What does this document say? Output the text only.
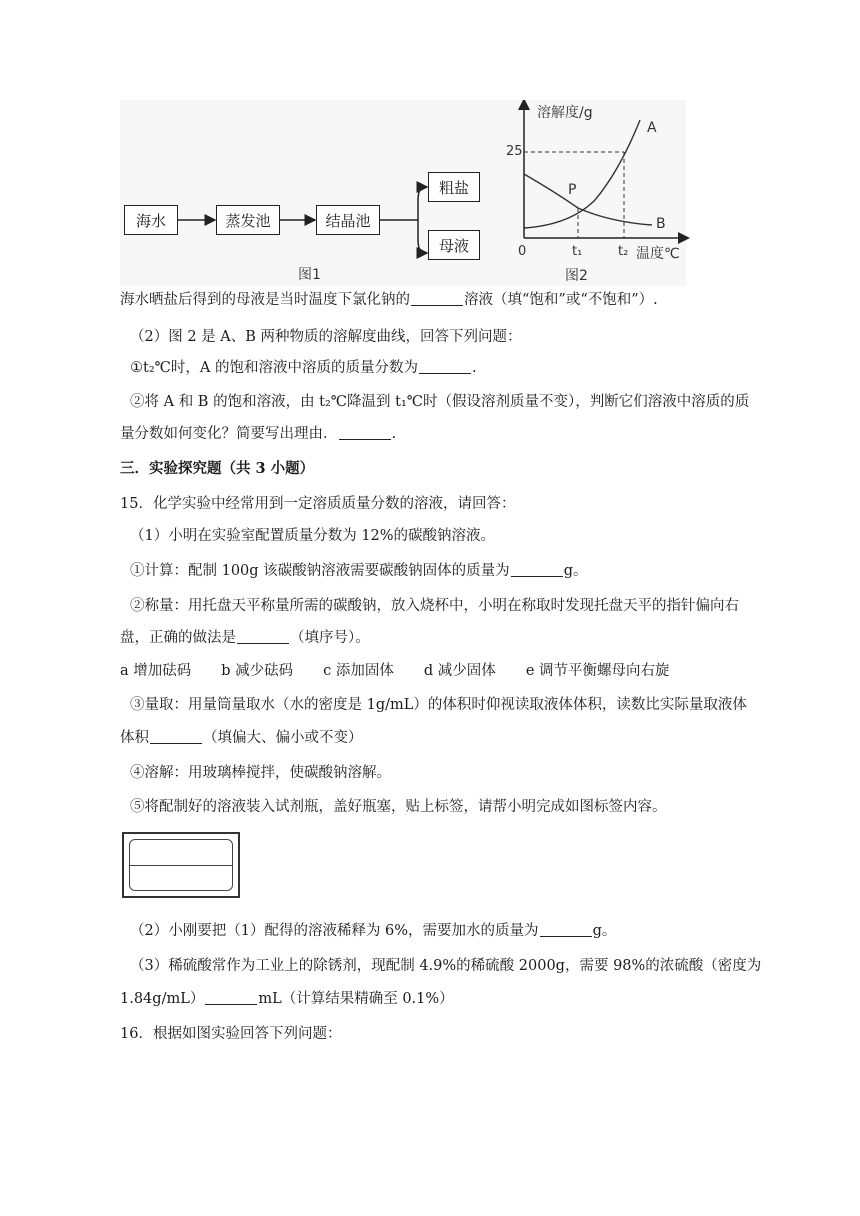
海水	蒸发池	结晶池
粗盐
母液
图1
溶解度/g
25
A
B
P
0	t₁	t₂ 温度℃
图2
海水晒盐后得到的母液是当时温度下氯化钠的	溶液（填“饱和”或“不饱和”）.
（2）图 2 是 A、B 两种物质的溶解度曲线，回答下列问题：
①t₂℃时，A 的饱和溶液中溶质的质量分数为	.
②将 A 和 B 的饱和溶液，由 t₂℃降温到 t₁℃时（假设溶剂质量不变），判断它们溶液中溶质的质
量分数如何变化？简要写出理由．	.
三．实验探究题（共 3 小题）
15．化学实验中经常用到一定溶质质量分数的溶液，请回答：
（1）小明在实验室配置质量分数为 12%的碳酸钠溶液。
①计算：配制 100g 该碳酸钠溶液需要碳酸钠固体的质量为	g。
②称量：用托盘天平称量所需的碳酸钠，放入烧杯中，小明在称取时发现托盘天平的指针偏向右
盘，正确的做法是	（填序号）。
a 增加砝码 b 减少砝码 c 添加固体 d 减少固体 e 调节平衡螺母向右旋
③量取：用量筒量取水（水的密度是 1g/mL）的体积时仰视读取液体体积，读数比实际量取液体
体积	（填偏大、偏小或不变）
④溶解：用玻璃棒搅拌，使碳酸钠溶解。
⑤将配制好的溶液装入试剂瓶，盖好瓶塞，贴上标签，请帮小明完成如图标签内容。
（2）小刚要把（1）配得的溶液稀释为 6%，需要加水的质量为	g。
（3）稀硫酸常作为工业上的除锈剂，现配制 4.9%的稀硫酸 2000g，需要 98%的浓硫酸（密度为
1.84g/mL）	mL（计算结果精确至 0.1%）
16．根据如图实验回答下列问题：
